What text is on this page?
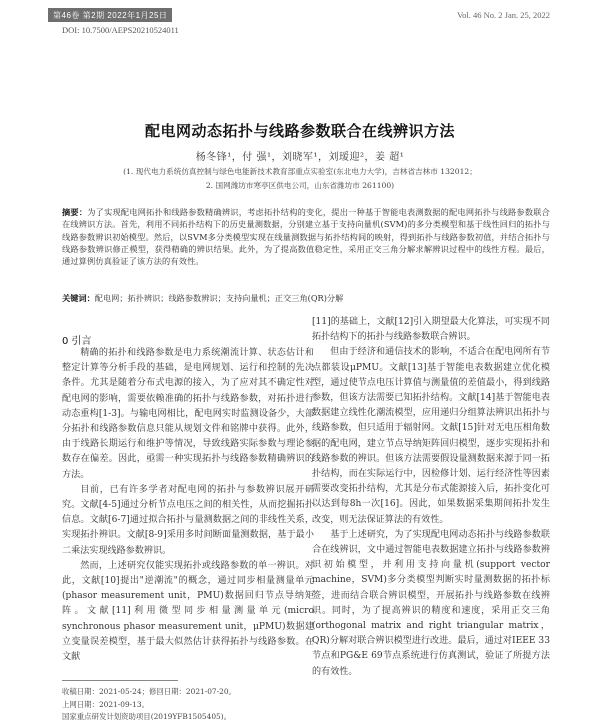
第46卷 第2期 2022年1月25日	Vol. 46 No. 2 Jan. 25, 2022
DOI: 10.7500/AEPS20210524011
配电网动态拓扑与线路参数联合在线辨识方法
杨冬锋¹，付 强¹，刘晓军¹，刘瑷迎²，姜 超¹
(1. 现代电力系统仿真控制与绿色电能新技术教育部重点实验室(东北电力大学)，吉林省吉林市 132012；
2. 国网潍坊市寒亭区供电公司，山东省潍坊市 261100)
摘要：为了实现配电网拓扑和线路参数精确辨识，考虑拓扑结构的变化，提出一种基于智能电表测数据的配电网拓扑与线路参数联合在线辨识方法。首先，利用不同拓扑结构下的历史量测数据，分别建立基于支持向量机(SVM)的多分类模型和基于线性回归的拓扑与线路参数辨识初始模型。然后，以SVM多分类模型实现在线量测数据与拓扑结构间的映射，得到拓扑与线路参数初值，并结合拓扑与线路参数辨识修正模型，获得精确的辨识结果。此外，为了提高数值稳定性，采用正交三角分解求解辨识过程中的线性方程。最后，通过算例仿真验证了该方法的有效性。
关键词：配电网；拓扑辨识；线路参数辨识；支持向量机；正交三角(QR)分解
0 引言

精确的拓扑和线路参数是电力系统潮流计算、状态估计和整定计算等分析手段的基础，是电网规划、运行和控制的先决条件。尤其是随着分布式电源的接入，为了应对其不确定性对配电网的影响，需要依赖准确的拓扑与线路参数，对拓扑进行动态重构[1-3]。与输电网相比，配电网实时监测设备少，大部分拓扑和线路参数信息只能从规划文件和铭牌中获得。此外，由于线路长期运行和维护等情况，导致线路实际参数与理论参数存在偏差。因此，亟需一种实现拓扑与线路参数精确辨识的方法。

目前，已有许多学者对配电网的拓扑与参数辨识展开研究。文献[4-5]通过分析节点电压之间的相关性，从而挖掘拓扑信息。文献[6-7]通过拟合拓扑与量测数据之间的非线性关系，实现拓扑辨识。文献[8-9]采用多时间断面量测数据，基于最小二乘法实现线路参数辨识。

然而，上述研究仅能实现拓扑或线路参数的单一辨识。对此，文献[10]提出"逆潮流"的概念，通过同步相量测量单元(phasor measurement unit，PMU)数据回归节点导纳矩阵。文献[11]利用微型同步相量测量单元(micro synchronous phasor measurement unit，μPMU)数据建立变量误差模型，基于最大似然估计获得拓扑与线路参数。在文献

[11]的基础上，文献[12]引入期望最大化算法，可实现不同拓扑结构下的拓扑与线路参数联合辨识。

但由于经济和通信技术的影响，不适合在配电网所有节点都装设μPMU。文献[13]基于智能电表数据建立优化模型，通过使节点电压计算值与测量值的差值最小，得到线路参数，但该方法需要已知拓扑结构。文献[14]基于智能电表数据建立线性化潮流模型，应用递归分组算法辨识出拓扑与线路参数，但只适用于辐射网。文献[15]针对无电压相角数据的配电网，建立节点导纳矩阵回归模型，逐步实现拓扑和线路参数的辨识。但该方法需要假设量测数据来源于同一拓扑结构，而在实际运行中，因检修计划、运行经济性等因素需要改变拓扑结构，尤其是分布式能源接入后，拓扑变化可以达到每8h一次[16]。因此，如果数据采集期间拓扑发生改变，则无法保证算法的有效性。

基于上述研究，为了实现配电网动态拓扑与线路参数联合在线辨识，文中通过智能电表数据建立拓扑与线路参数辨识初始模型，并利用支持向量机(support vector machine，SVM)多分类模型判断实时量测数据的拓扑标签，进而结合联合辨识模型，开展拓扑与线路参数在线辨识。同时，为了提高辨识的精度和速度，采用正交三角(orthogonal matrix and right triangular matrix，QR)分解对联合辨识模型进行改进。最后，通过对IEEE 33节点和PG&E 69节点系统进行仿真测试，验证了所提方法的有效性。

收稿日期：2021-05-24；修回日期：2021-07-20。
上网日期：2021-09-13。
国家重点研发计划资助项目(2019YFB1505405)。
